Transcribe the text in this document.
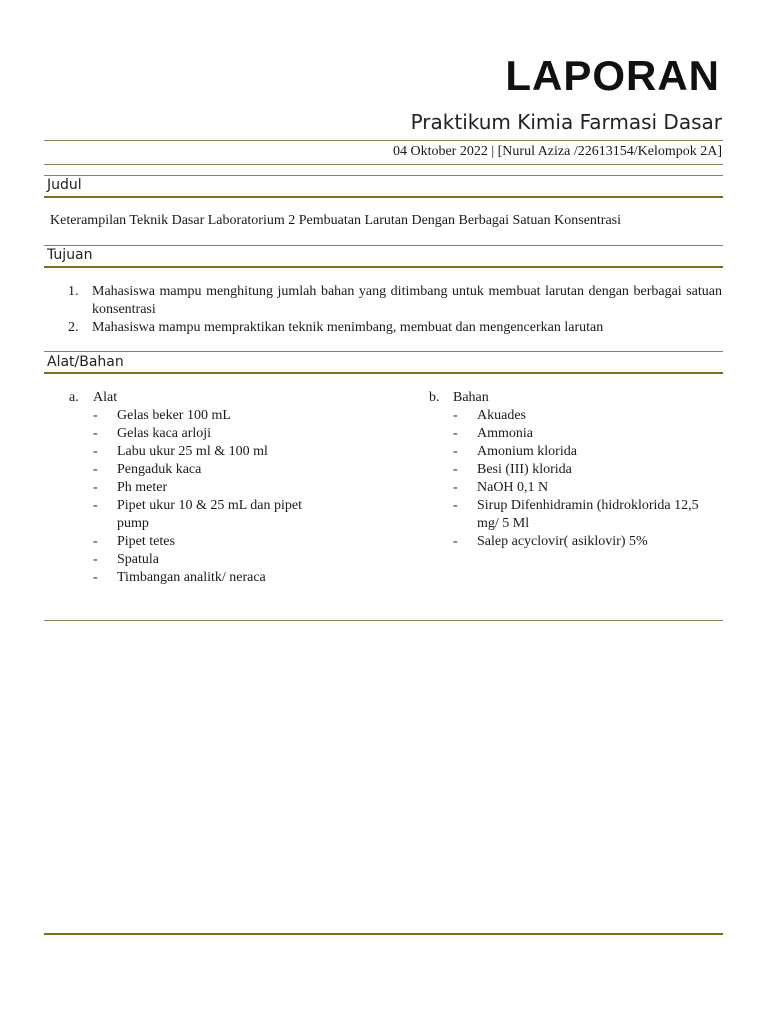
LAPORAN
Praktikum Kimia Farmasi Dasar
04 Oktober 2022 | [Nurul Aziza /22613154/Kelompok 2A]
Judul
Keterampilan Teknik Dasar Laboratorium 2 Pembuatan Larutan Dengan Berbagai Satuan Konsentrasi
Tujuan
1. Mahasiswa mampu menghitung jumlah bahan yang ditimbang untuk membuat larutan dengan berbagai satuan konsentrasi
2. Mahasiswa mampu mempraktikan teknik menimbang, membuat dan mengencerkan larutan
Alat/Bahan
a. Alat
- Gelas beker 100 mL
- Gelas kaca arloji
- Labu ukur 25 ml & 100 ml
- Pengaduk kaca
- Ph meter
- Pipet ukur 10 & 25 mL dan pipet pump
- Pipet tetes
- Spatula
- Timbangan analitk/ neraca
b. Bahan
- Akuades
- Ammonia
- Amonium klorida
- Besi (III) klorida
- NaOH 0,1 N
- Sirup Difenhidramin (hidroklorida 12,5 mg/ 5 Ml
- Salep acyclovir( asiklovir) 5%
